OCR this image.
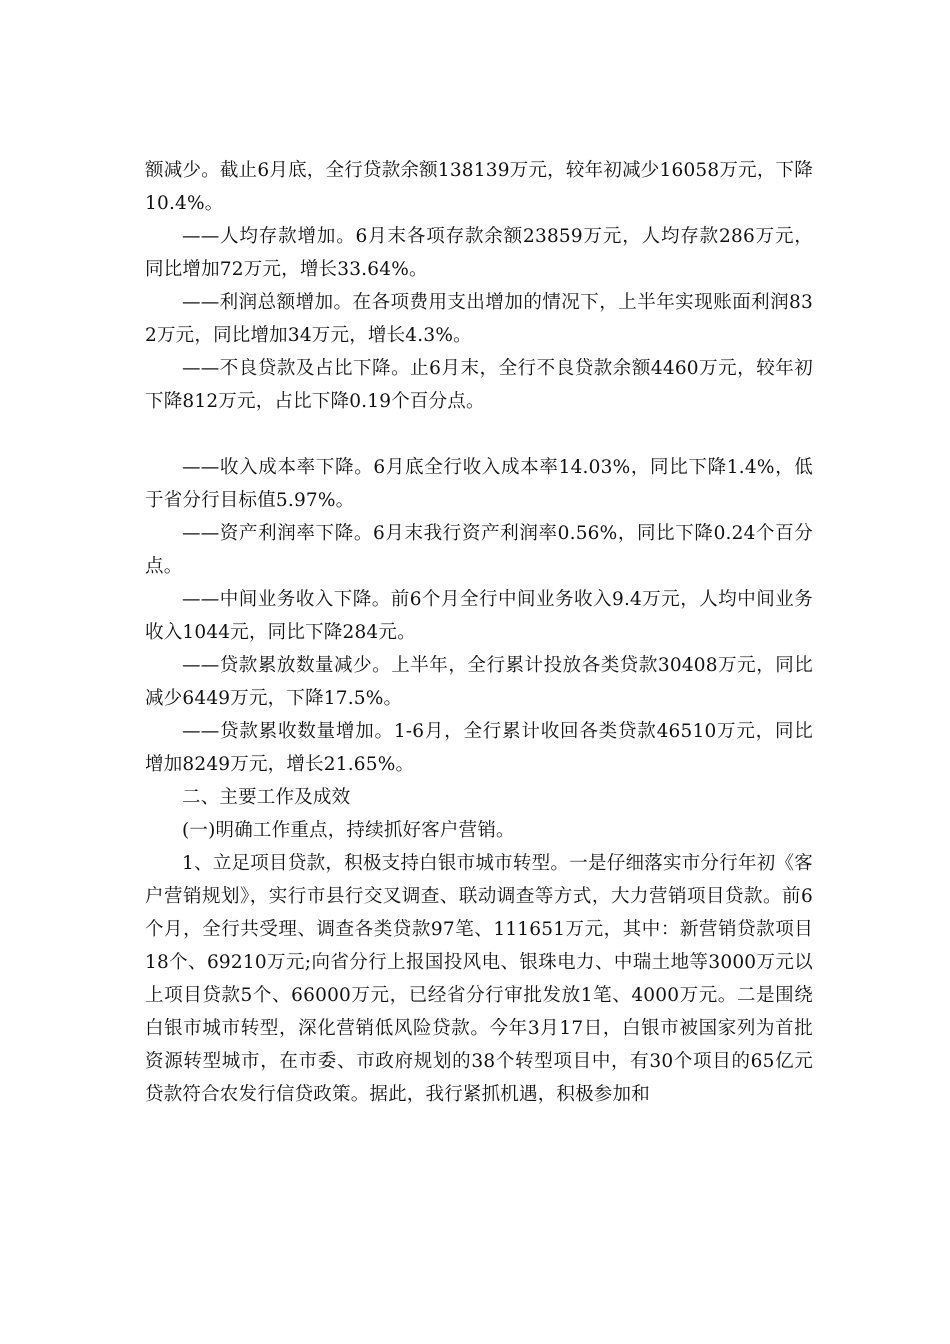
额减少。截止6月底，全行贷款余额138139万元，较年初减少16058万元，下降10.4%。

——人均存款增加。6月末各项存款余额23859万元，人均存款286万元，同比增加72万元，增长33.64%。

——利润总额增加。在各项费用支出增加的情况下，上半年实现账面利润832万元，同比增加34万元，增长4.3%。

——不良贷款及占比下降。止6月末，全行不良贷款余额4460万元，较年初下降812万元，占比下降0.19个百分点。

——收入成本率下降。6月底全行收入成本率14.03%，同比下降1.4%，低于省分行目标值5.97%。

——资产利润率下降。6月末我行资产利润率0.56%，同比下降0.24个百分点。

——中间业务收入下降。前6个月全行中间业务收入9.4万元，人均中间业务收入1044元，同比下降284元。

——贷款累放数量减少。上半年，全行累计投放各类贷款30408万元，同比减少6449万元，下降17.5%。

——贷款累收数量增加。1-6月，全行累计收回各类贷款46510万元，同比增加8249万元，增长21.65%。

二、主要工作及成效

(一)明确工作重点，持续抓好客户营销。

1、立足项目贷款，积极支持白银市城市转型。一是仔细落实市分行年初《客户营销规划》，实行市县行交叉调查、联动调查等方式，大力营销项目贷款。前6个月，全行共受理、调查各类贷款97笔、111651万元，其中：新营销贷款项目18个、69210万元;向省分行上报国投风电、银珠电力、中瑞土地等3000万元以上项目贷款5个、66000万元，已经省分行审批发放1笔、4000万元。二是围绕白银市城市转型，深化营销低风险贷款。今年3月17日，白银市被国家列为首批资源转型城市，在市委、市政府规划的38个转型项目中，有30个项目的65亿元贷款符合农发行信贷政策。据此，我行紧抓机遇，积极参加和
